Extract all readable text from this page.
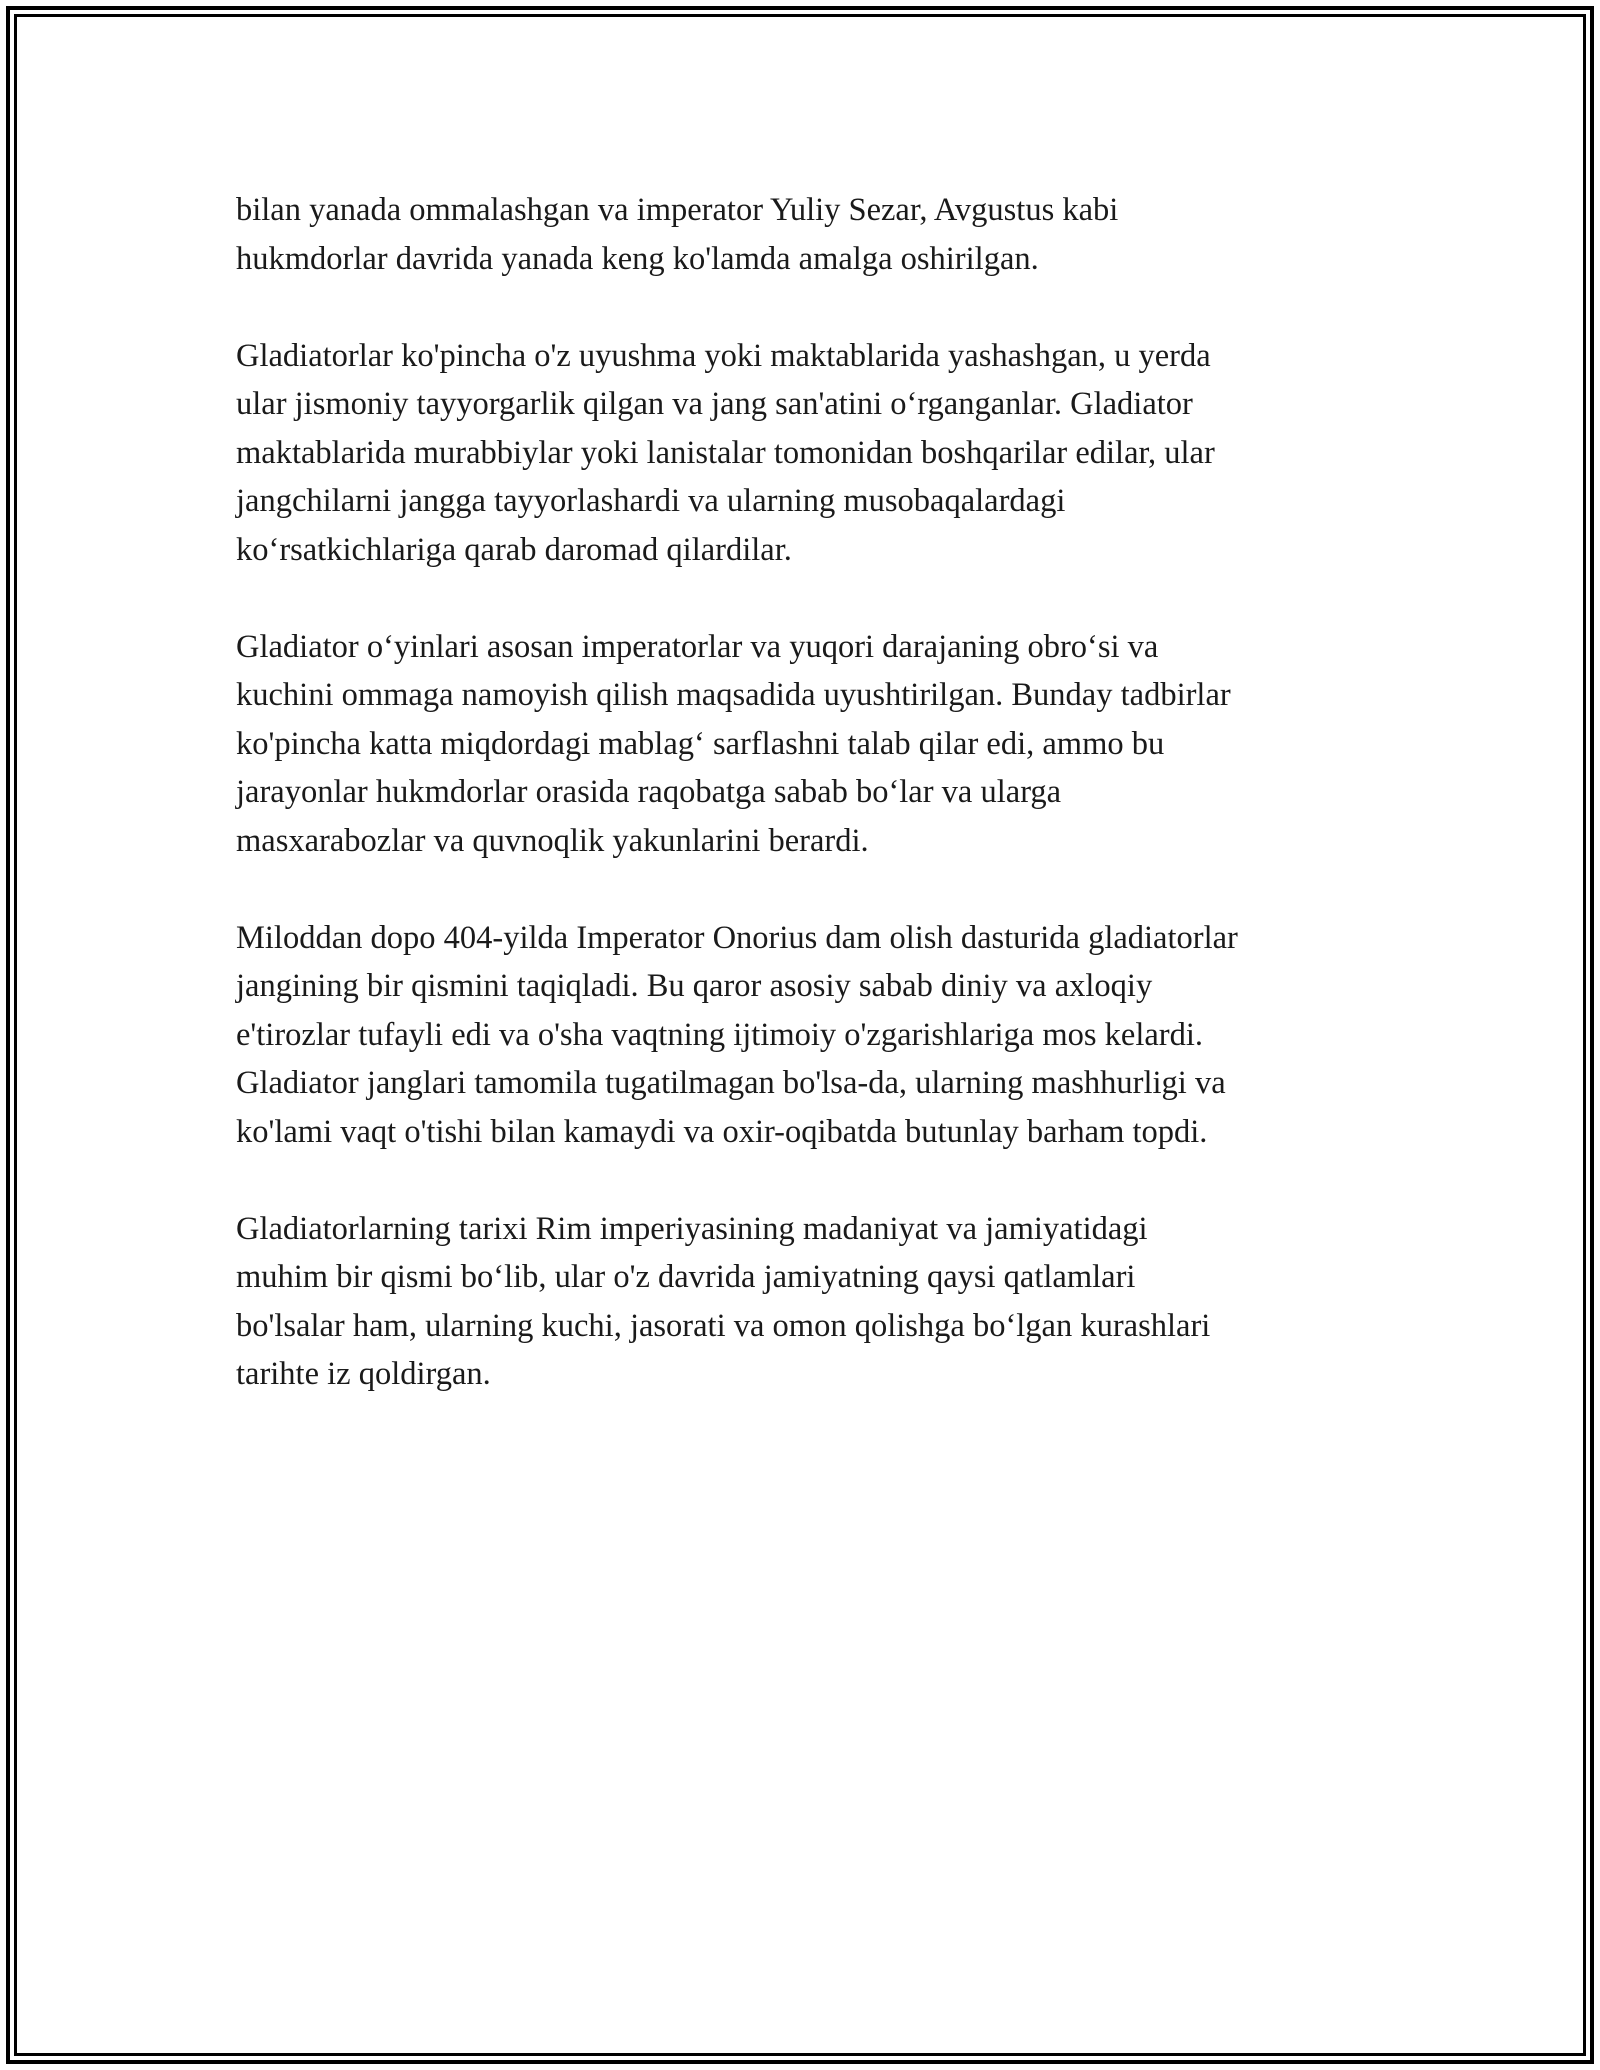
bilan yanada ommalashgan va imperator Yuliy Sezar, Avgustus kabi
hukmdorlar davrida yanada keng ko'lamda amalga oshirilgan.

Gladiatorlar ko'pincha o'z uyushma yoki maktablarida yashashgan, u yerda
ular jismoniy tayyorgarlik qilgan va jang san'atini o‘rganganlar. Gladiator
maktablarida murabbiylar yoki lanistalar tomonidan boshqarilar edilar, ular
jangchilarni jangga tayyorlashardi va ularning musobaqalardagi
ko‘rsatkichlariga qarab daromad qilardilar.

Gladiator o‘yinlari asosan imperatorlar va yuqori darajaning obro‘si va
kuchini ommaga namoyish qilish maqsadida uyushtirilgan. Bunday tadbirlar
ko'pincha katta miqdordagi mablag‘ sarflashni talab qilar edi, ammo bu
jarayonlar hukmdorlar orasida raqobatga sabab bo‘lar va ularga
masxarabozlar va quvnoqlik yakunlarini berardi.

Miloddan dopo 404-yilda Imperator Onorius dam olish dasturida gladiatorlar
jangining bir qismini taqiqladi. Bu qaror asosiy sabab diniy va axloqiy
e'tirozlar tufayli edi va o'sha vaqtning ijtimoiy o'zgarishlariga mos kelardi.
Gladiator janglari tamomila tugatilmagan bo'lsa-da, ularning mashhurligi va
ko'lami vaqt o'tishi bilan kamaydi va oxir-oqibatda butunlay barham topdi.

Gladiatorlarning tarixi Rim imperiyasining madaniyat va jamiyatidagi
muhim bir qismi bo‘lib, ular o'z davrida jamiyatning qaysi qatlamlari
bo'lsalar ham, ularning kuchi, jasorati va omon qolishga bo‘lgan kurashlari
tarihte iz qoldirgan.
